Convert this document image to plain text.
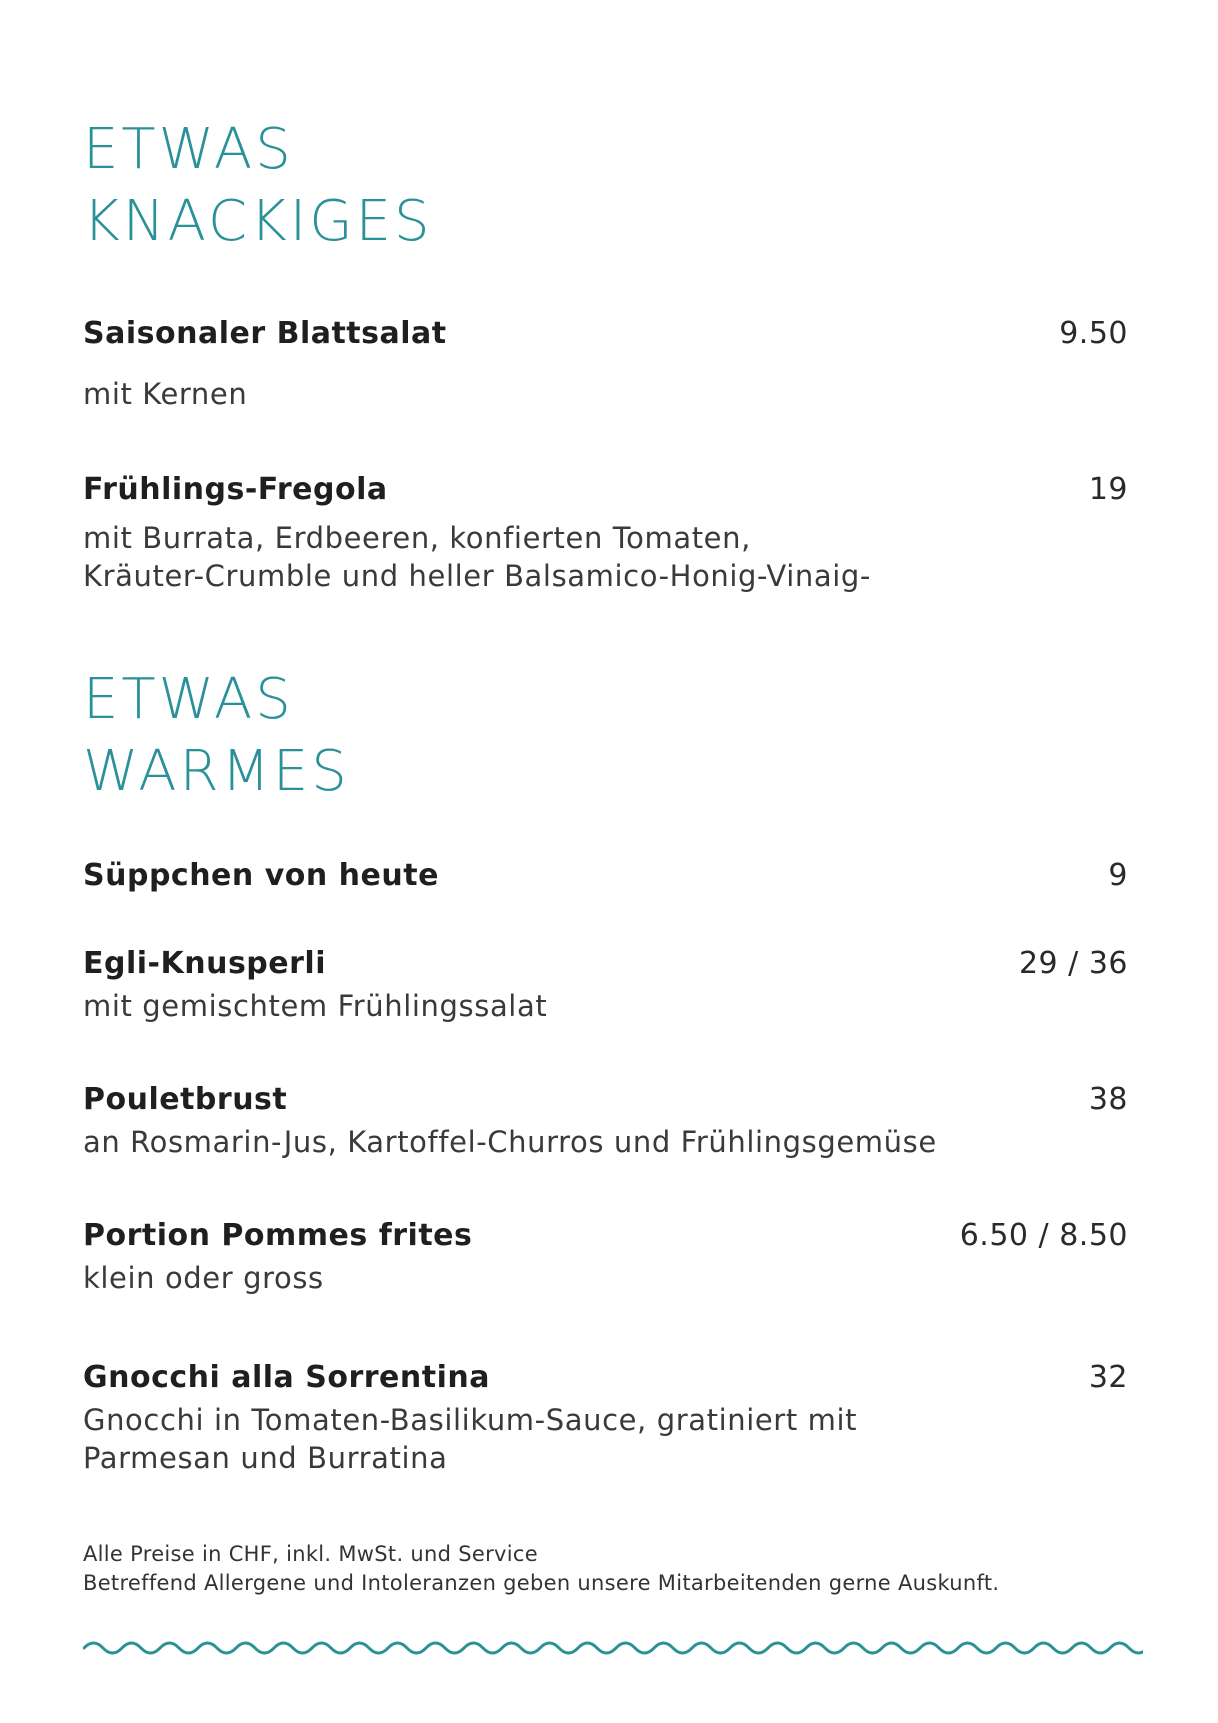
ETWAS
KNACKIGES
Saisonaler Blattsalat	9.50
mit Kernen
Frühlings-Fregola	19
mit Burrata, Erdbeeren, konfierten Tomaten,
Kräuter-Crumble und heller Balsamico-Honig-Vinaig-
ETWAS
WARMES
Süppchen von heute	9
Egli-Knusperli	29 / 36
mit gemischtem Frühlingssalat
Pouletbrust	38
an Rosmarin-Jus, Kartoffel-Churros und Frühlingsgemüse
Portion Pommes frites	6.50 / 8.50
klein oder gross
Gnocchi alla Sorrentina	32
Gnocchi in Tomaten-Basilikum-Sauce, gratiniert mit
Parmesan und Burratina
Alle Preise in CHF, inkl. MwSt. und Service
Betreffend Allergene und Intoleranzen geben unsere Mitarbeitenden gerne Auskunft.
